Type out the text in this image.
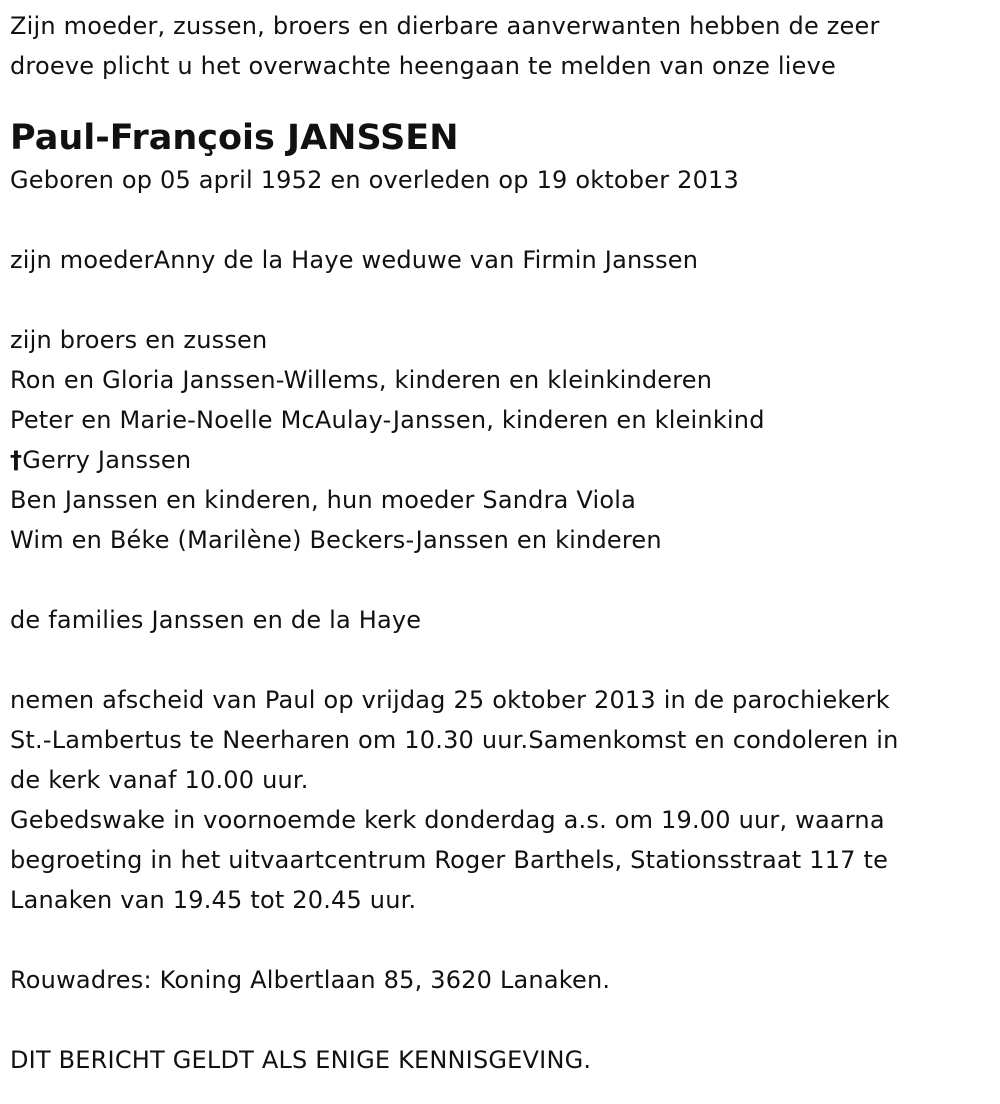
Zijn moeder, zussen, broers en dierbare aanverwanten hebben de zeer
droeve plicht u het overwachte heengaan te melden van onze lieve
Paul-François JANSSEN
Geboren op 05 april 1952 en overleden op 19 oktober 2013
zijn moederAnny de la Haye weduwe van Firmin Janssen
zijn broers en zussen
Ron en Gloria Janssen-Willems, kinderen en kleinkinderen
Peter en Marie-Noelle McAulay-Janssen, kinderen en kleinkind
†Gerry Janssen
Ben Janssen en kinderen, hun moeder Sandra Viola
Wim en Béke (Marilène) Beckers-Janssen en kinderen
de families Janssen en de la Haye
nemen afscheid van Paul op vrijdag 25 oktober 2013 in de parochiekerk
St.-Lambertus te Neerharen om 10.30 uur.Samenkomst en condoleren in
de kerk vanaf 10.00 uur.
Gebedswake in voornoemde kerk donderdag a.s. om 19.00 uur, waarna
begroeting in het uitvaartcentrum Roger Barthels, Stationsstraat 117 te
Lanaken van 19.45 tot 20.45 uur.
Rouwadres: Koning Albertlaan 85, 3620 Lanaken.
DIT BERICHT GELDT ALS ENIGE KENNISGEVING.
